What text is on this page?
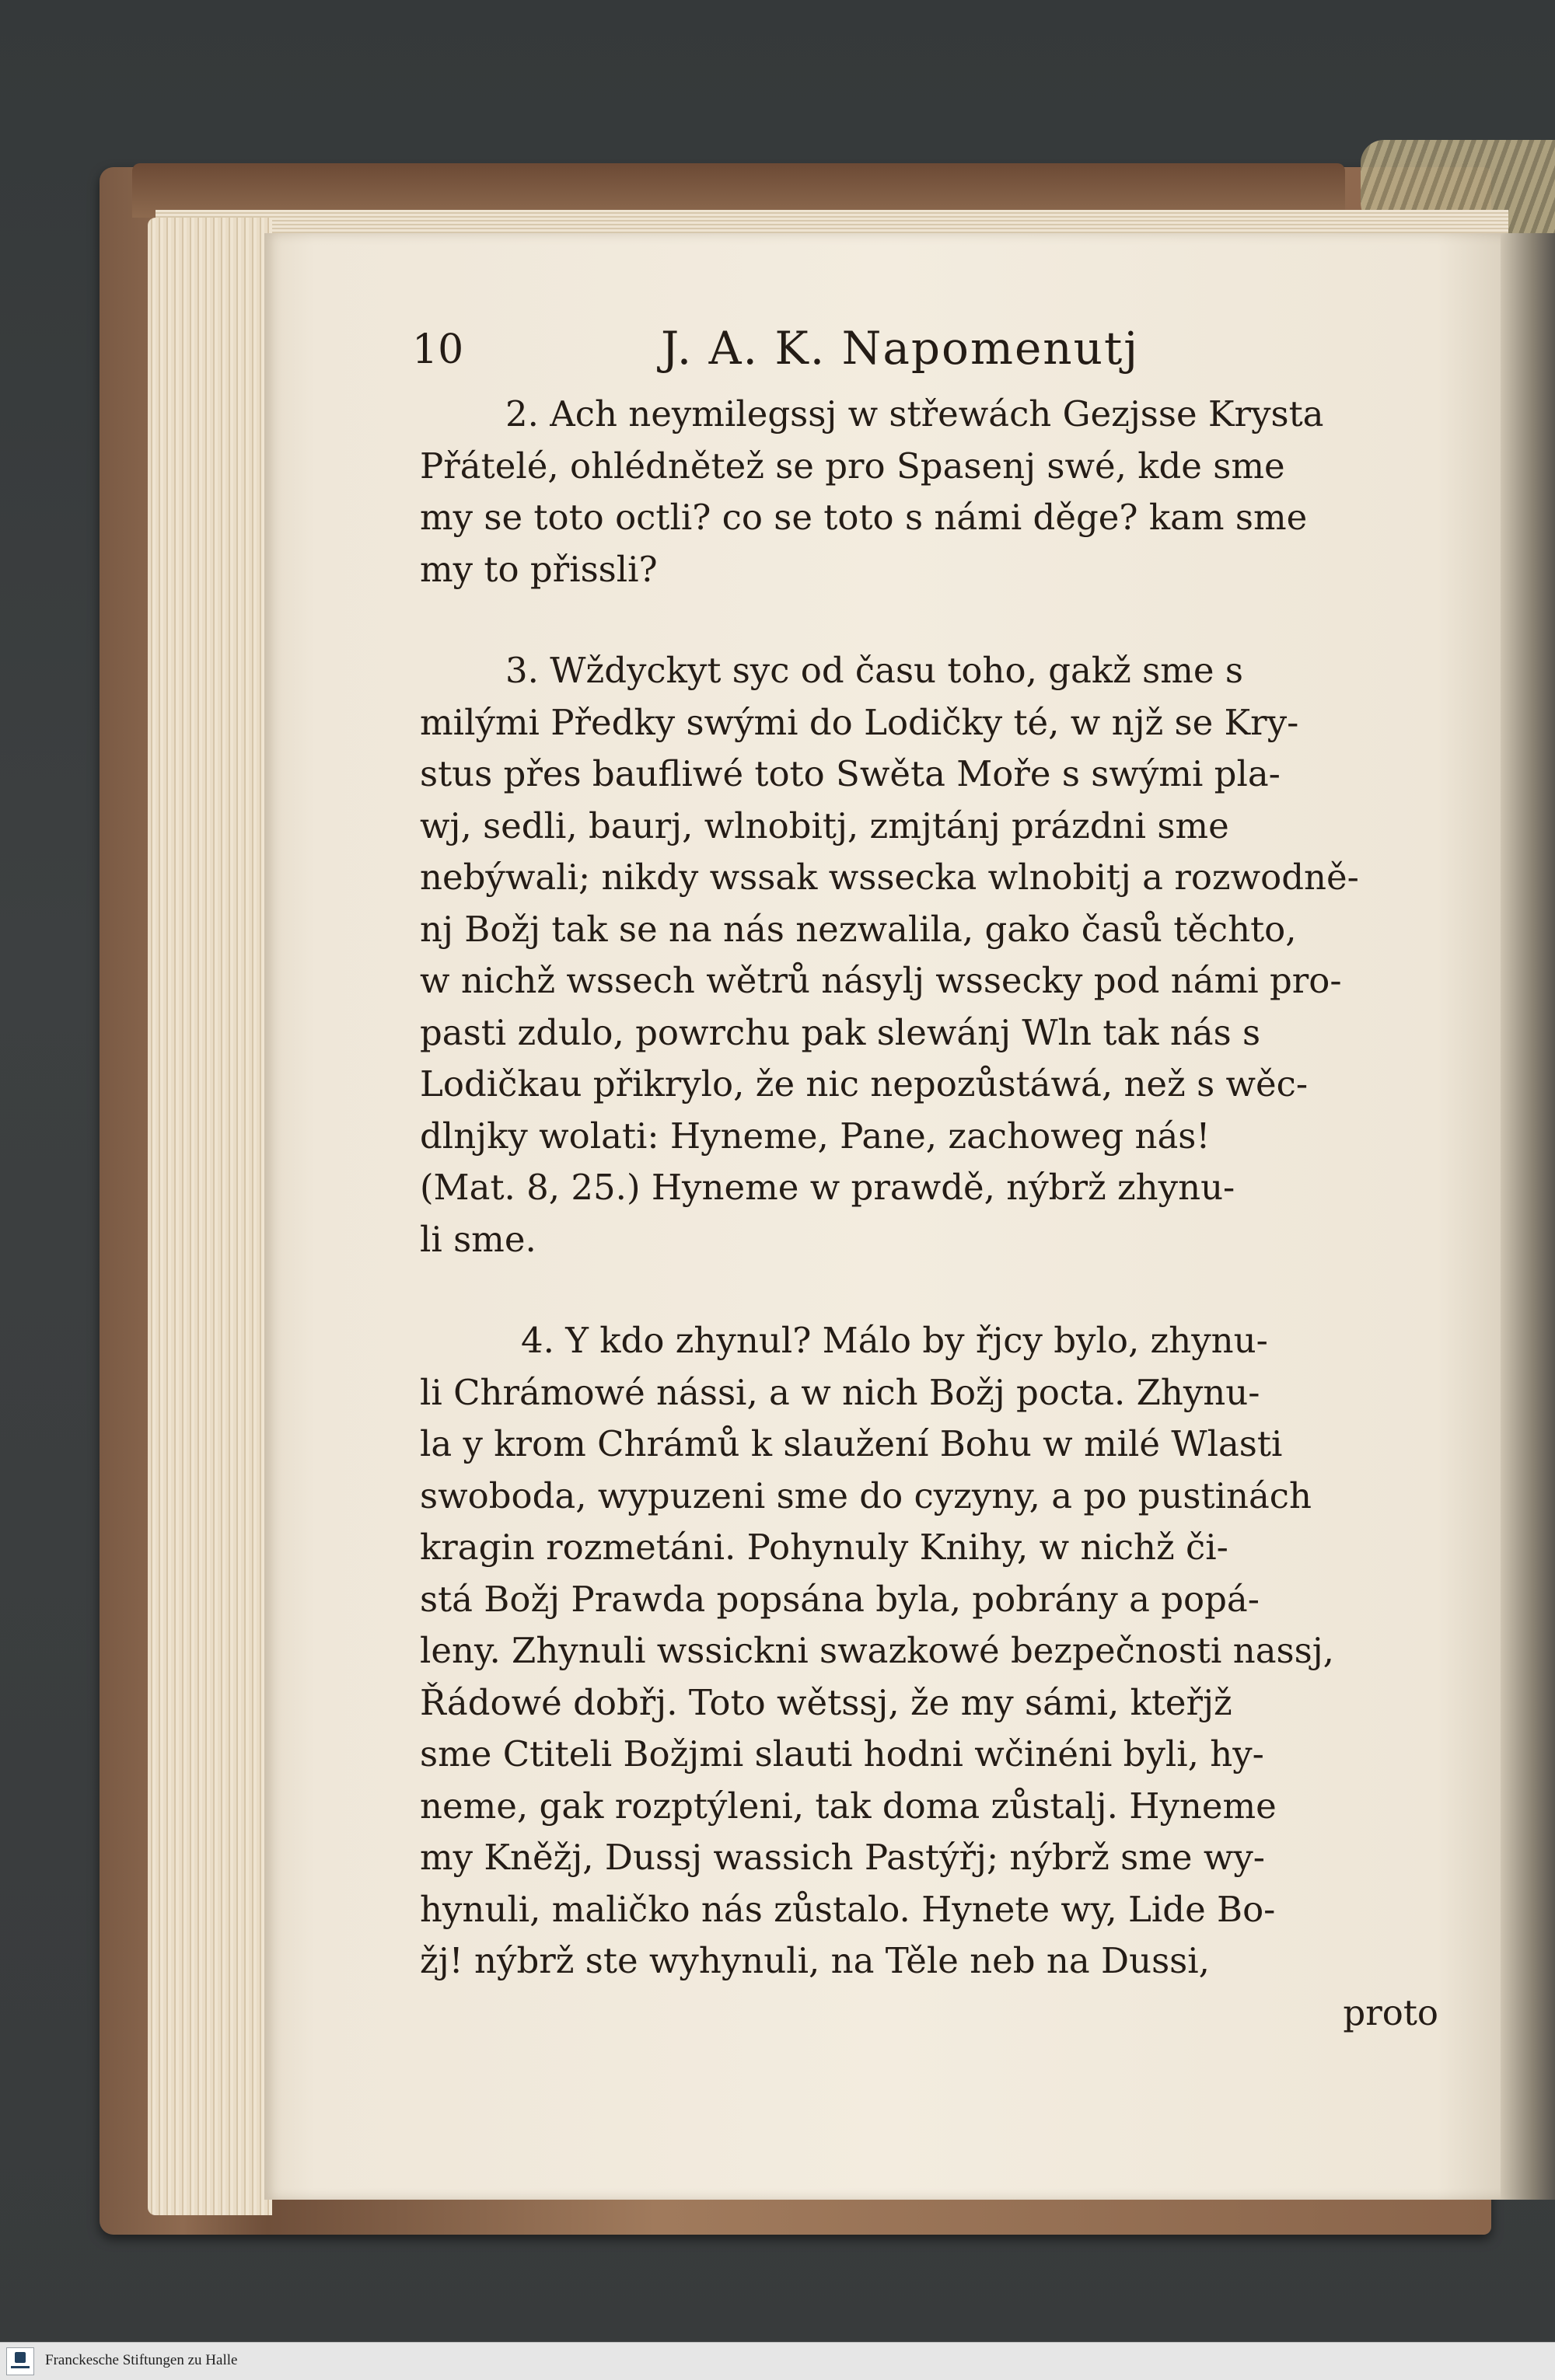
10	J. A. K. Napomenutj
2. Ach neymilegssj w střewách Gezjsse Krysta
Přátelé, ohlédnětež se pro Spasenj swé, kde sme
my se toto octli? co se toto s námi děge? kam sme
my to přissli?
3. Wždyckyt syc od času toho, gakž sme s
milými Předky swými do Lodičky té, w njž se Kry-
stus přes baufliwé toto Swěta Moře s swými pla-
wj, sedli, baurj, wlnobitj, zmjtánj prázdni sme
nebýwali; nikdy wssak wssecka wlnobitj a rozwodně-
nj Božj tak se na nás nezwalila, gako časů těchto,
w nichž wssech wětrů násylj wssecky pod námi pro-
pasti zdulo, powrchu pak slewánj Wln tak nás s
Lodičkau přikrylo, že nic nepozůstáwá, než s wěc-
dlnjky wolati: Hyneme, Pane, zachoweg nás!
(Mat. 8, 25.) Hyneme w prawdě, nýbrž zhynu-
li sme.
4. Y kdo zhynul? Málo by řjcy bylo, zhynu-
li Chrámowé nássi, a w nich Božj pocta. Zhynu-
la y krom Chrámů k slaužení Bohu w milé Wlasti
swoboda, wypuzeni sme do cyzyny, a po pustinách
kragin rozmetáni. Pohynuly Knihy, w nichž či-
stá Božj Prawda popsána byla, pobrány a popá-
leny. Zhynuli wssickni swazkowé bezpečnosti nassj,
Řádowé dobřj. Toto wětssj, že my sámi, kteřjž
sme Ctiteli Božjmi slauti hodni wčinéni byli, hy-
neme, gak rozptýleni, tak doma zůstalj. Hyneme
my Kněžj, Dussj wassich Pastýřj; nýbrž sme wy-
hynuli, maličko nás zůstalo. Hynete wy, Lide Bo-
žj! nýbrž ste wyhynuli, na Těle neb na Dussi,
proto
Franckesche Stiftungen zu Halle
